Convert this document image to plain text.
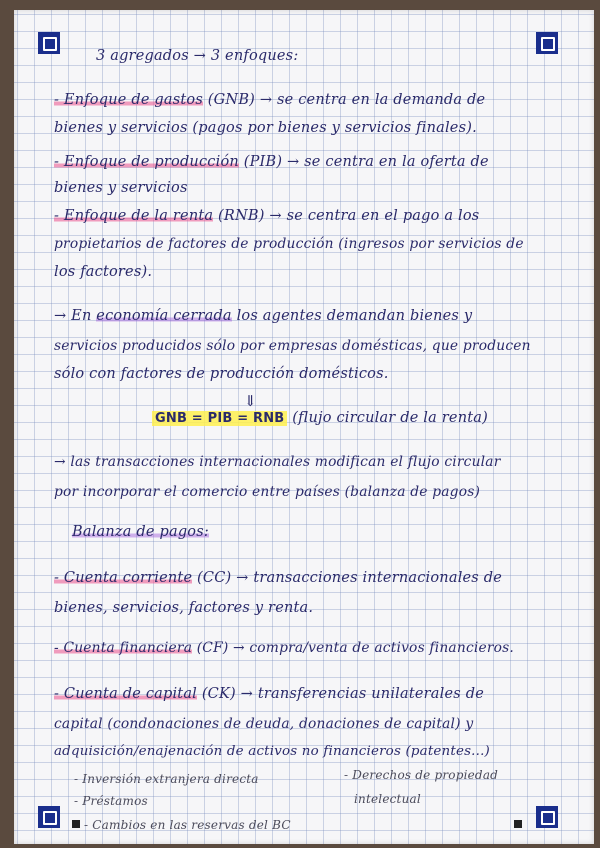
3 agregados → 3 enfoques:
- Enfoque de gastos (GNB) → se centra en la demanda de
bienes y servicios (pagos por bienes y servicios finales).
- Enfoque de producción (PIB) → se centra en la oferta de
bienes y servicios
- Enfoque de la renta (RNB) → se centra en el pago a los
propietarios de factores de producción (ingresos por servicios de
los factores).
→ En economía cerrada los agentes demandan bienes y
servicios producidos sólo por empresas domésticas, que producen
sólo con factores de producción domésticos.
⇓
GNB = PIB = RNB (flujo circular de la renta)
→ las transacciones internacionales modifican el flujo circular
por incorporar el comercio entre países (balanza de pagos)
Balanza de pagos:
- Cuenta corriente (CC) → transacciones internacionales de
bienes, servicios, factores y renta.
- Cuenta financiera (CF) → compra/venta de activos financieros.
- Cuenta de capital (CK) → transferencias unilaterales de
capital (condonaciones de deuda, donaciones de capital) y
adquisición/enajenación de activos no financieros (patentes...)
- Inversión extranjera directa	- Derechos de propiedad
- Préstamos	intelectual
- Cambios en las reservas del BC
